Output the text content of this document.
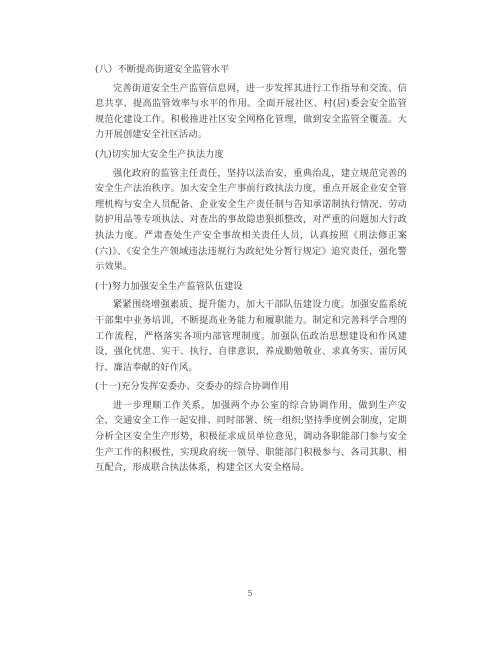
(八）不断提高街道安全监管水平

完善街道安全生产监管信息网，进一步发挥其进行工作指导和交流、信息共享、提高监管效率与水平的作用。全面开展社区、村(居)委会安全监管规范化建设工作。积极推进社区安全网格化管理，做到安全监管全覆盖。大力开展创建安全社区活动。

(九)切实加大安全生产执法力度

强化政府的监管主任责任，坚持以法治安，重典治乱，建立规范完善的安全生产法治秩序。加大安全生产事前行政执法力度，重点开展企业安全管理机构与安全人员配备、企业安全生产责任制与告知承诺制执行情况、劳动防护用品等专项执法、对查出的事故隐患狠抓整改，对严重的问题加大行政执法力度。严肃查处生产安全事故相关责任人员，认真按照《刑法修正案(六)》、《安全生产领域违法违规行为政纪处分暂行规定》追究责任，强化警示效果。

(十)努力加强安全生产监管队伍建设

紧紧围绕增强素质、提升能力，加大干部队伍建设力度。加强安监系统干部集中业务培训，不断提高业务能力和履职能力。制定和完善科学合理的工作流程，严格落实各项内部管理制度。加强队伍政治思想建设和作风建设，强化忧患、实干、执行、自律意识，养成勤勉敬业、求真务实、雷厉风行、廉洁奉献的好作风。

(十一)充分发挥安委办、交委办的综合协调作用

进一步理顺工作关系，加强两个办公室的综合协调作用，做到生产安全、交通安全工作一起安排、同时部署、统一组织;坚持季度例会制度，定期分析全区安全生产形势，积极征求成员单位意见，调动各职能部门参与安全生产工作的积极性，实现政府统一领导、职能部门积极参与、各司其职、相互配合，形成联合执法体系，构建全区大安全格局。

5
